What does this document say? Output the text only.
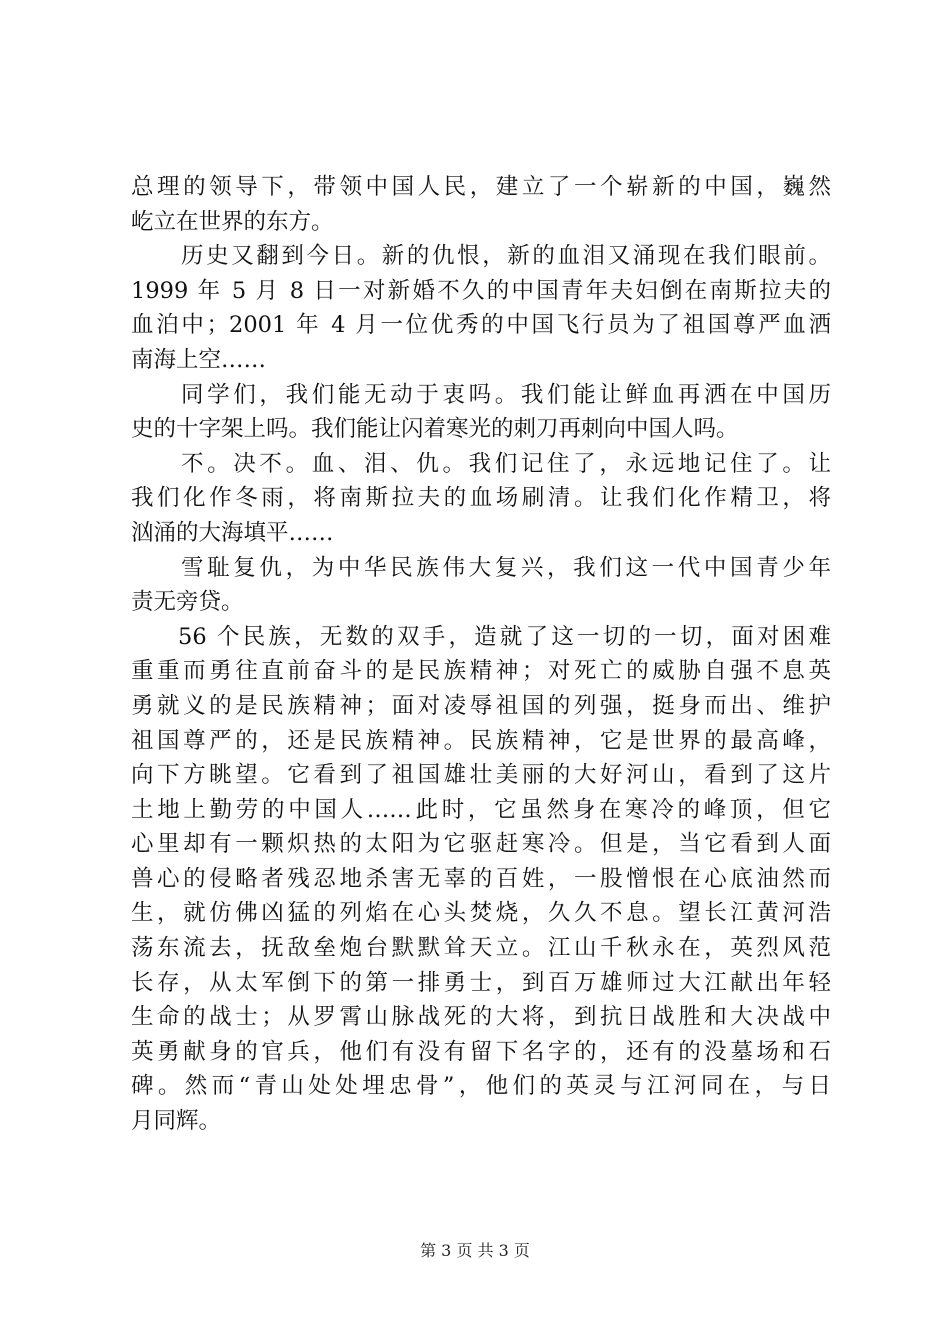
总理的领导下，带领中国人民，建立了一个崭新的中国，巍然
屹立在世界的东方。
历史又翻到今日。新的仇恨，新的血泪又涌现在我们眼前。
1999 年 5 月 8 日一对新婚不久的中国青年夫妇倒在南斯拉夫的
血泊中；2001 年 4 月一位优秀的中国飞行员为了祖国尊严血洒
南海上空……
同学们，我们能无动于衷吗。我们能让鲜血再洒在中国历
史的十字架上吗。我们能让闪着寒光的刺刀再刺向中国人吗。
不。决不。血、泪、仇。我们记住了，永远地记住了。让
我们化作冬雨，将南斯拉夫的血场刷清。让我们化作精卫，将
汹涌的大海填平……
雪耻复仇，为中华民族伟大复兴，我们这一代中国青少年
责无旁贷。
56 个民族，无数的双手，造就了这一切的一切，面对困难
重重而勇往直前奋斗的是民族精神；对死亡的威胁自强不息英
勇就义的是民族精神；面对凌辱祖国的列强，挺身而出、维护
祖国尊严的，还是民族精神。民族精神，它是世界的最高峰，
向下方眺望。它看到了祖国雄壮美丽的大好河山，看到了这片
土地上勤劳的中国人……此时，它虽然身在寒冷的峰顶，但它
心里却有一颗炽热的太阳为它驱赶寒冷。但是，当它看到人面
兽心的侵略者残忍地杀害无辜的百姓，一股憎恨在心底油然而
生，就仿佛凶猛的列焰在心头焚烧，久久不息。望长江黄河浩
荡东流去，抚敌垒炮台默默耸天立。江山千秋永在，英烈风范
长存，从太军倒下的第一排勇士，到百万雄师过大江献出年轻
生命的战士；从罗霄山脉战死的大将，到抗日战胜和大决战中
英勇献身的官兵，他们有没有留下名字的，还有的没墓场和石
碑。然而“青山处处埋忠骨”，他们的英灵与江河同在，与日
月同辉。
第 3 页 共 3 页
